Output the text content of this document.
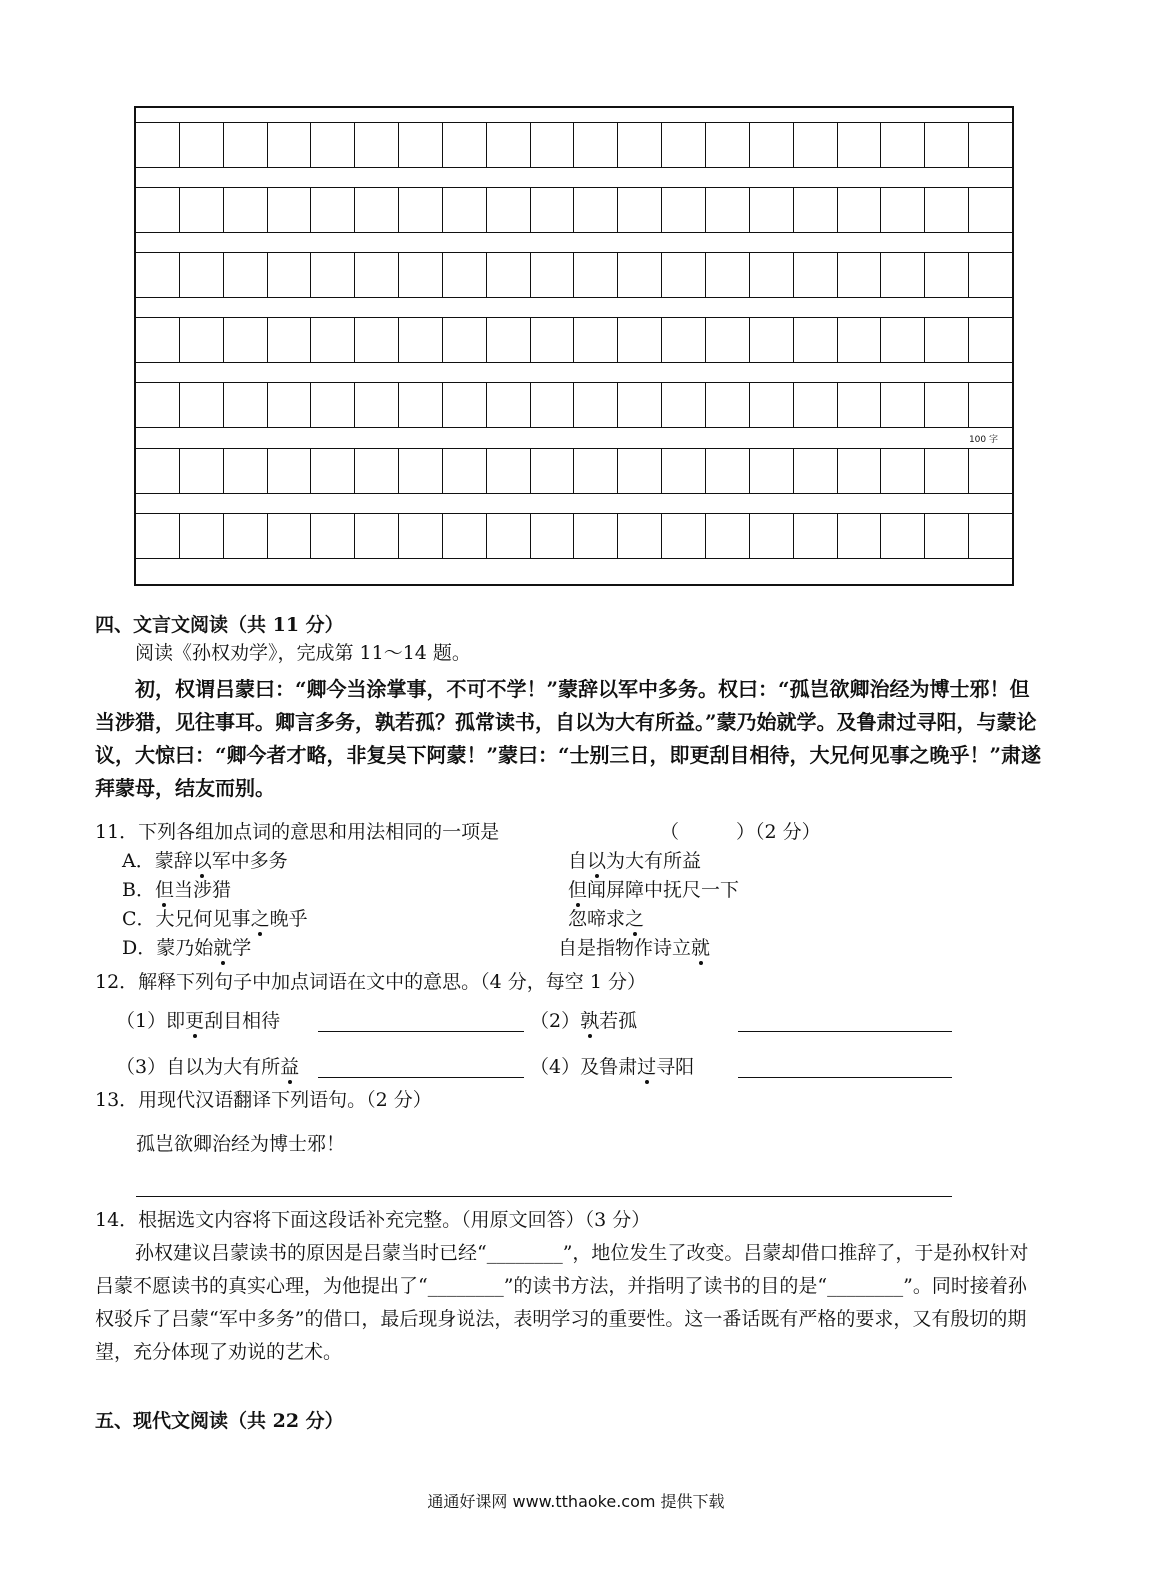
100 字
四、文言文阅读（共 11 分）
阅读《孙权劝学》，完成第 11～14 题。
初，权谓吕蒙曰：“卿今当涂掌事，不可不学！”蒙辞以军中多务。权曰：“孤岂欲卿治经为博士邪！但当涉猎，见往事耳。卿言多务，孰若孤？孤常读书，自以为大有所益。”蒙乃始就学。及鲁肃过寻阳，与蒙论议，大惊曰：“卿今者才略，非复吴下阿蒙！”蒙曰：“士别三日，即更刮目相待，大兄何见事之晚乎！”肃遂拜蒙母，结友而别。
11．下列各组加点词的意思和用法相同的一项是	（　　　）（2 分）
A．蒙辞以军中多务	自以为大有所益
B．但当涉猎	但闻屏障中抚尺一下
C．大兄何见事之晚乎	忽啼求之
D．蒙乃始就学	自是指物作诗立就
12．解释下列句子中加点词语在文中的意思。（4 分，每空 1 分）
（1）即更刮目相待	（2）孰若孤
（3）自以为大有所益	（4）及鲁肃过寻阳
13．用现代汉语翻译下列语句。（2 分）
孤岂欲卿治经为博士邪！
14．根据选文内容将下面这段话补充完整。（用原文回答）（3 分）
孙权建议吕蒙读书的原因是吕蒙当时已经“________”，地位发生了改变。吕蒙却借口推辞了，于是孙权针对吕蒙不愿读书的真实心理，为他提出了“________”的读书方法，并指明了读书的目的是“________”。同时接着孙权驳斥了吕蒙“军中多务”的借口，最后现身说法，表明学习的重要性。这一番话既有严格的要求，又有殷切的期望，充分体现了劝说的艺术。
五、现代文阅读（共 22 分）
通通好课网 www.tthaoke.com 提供下载
